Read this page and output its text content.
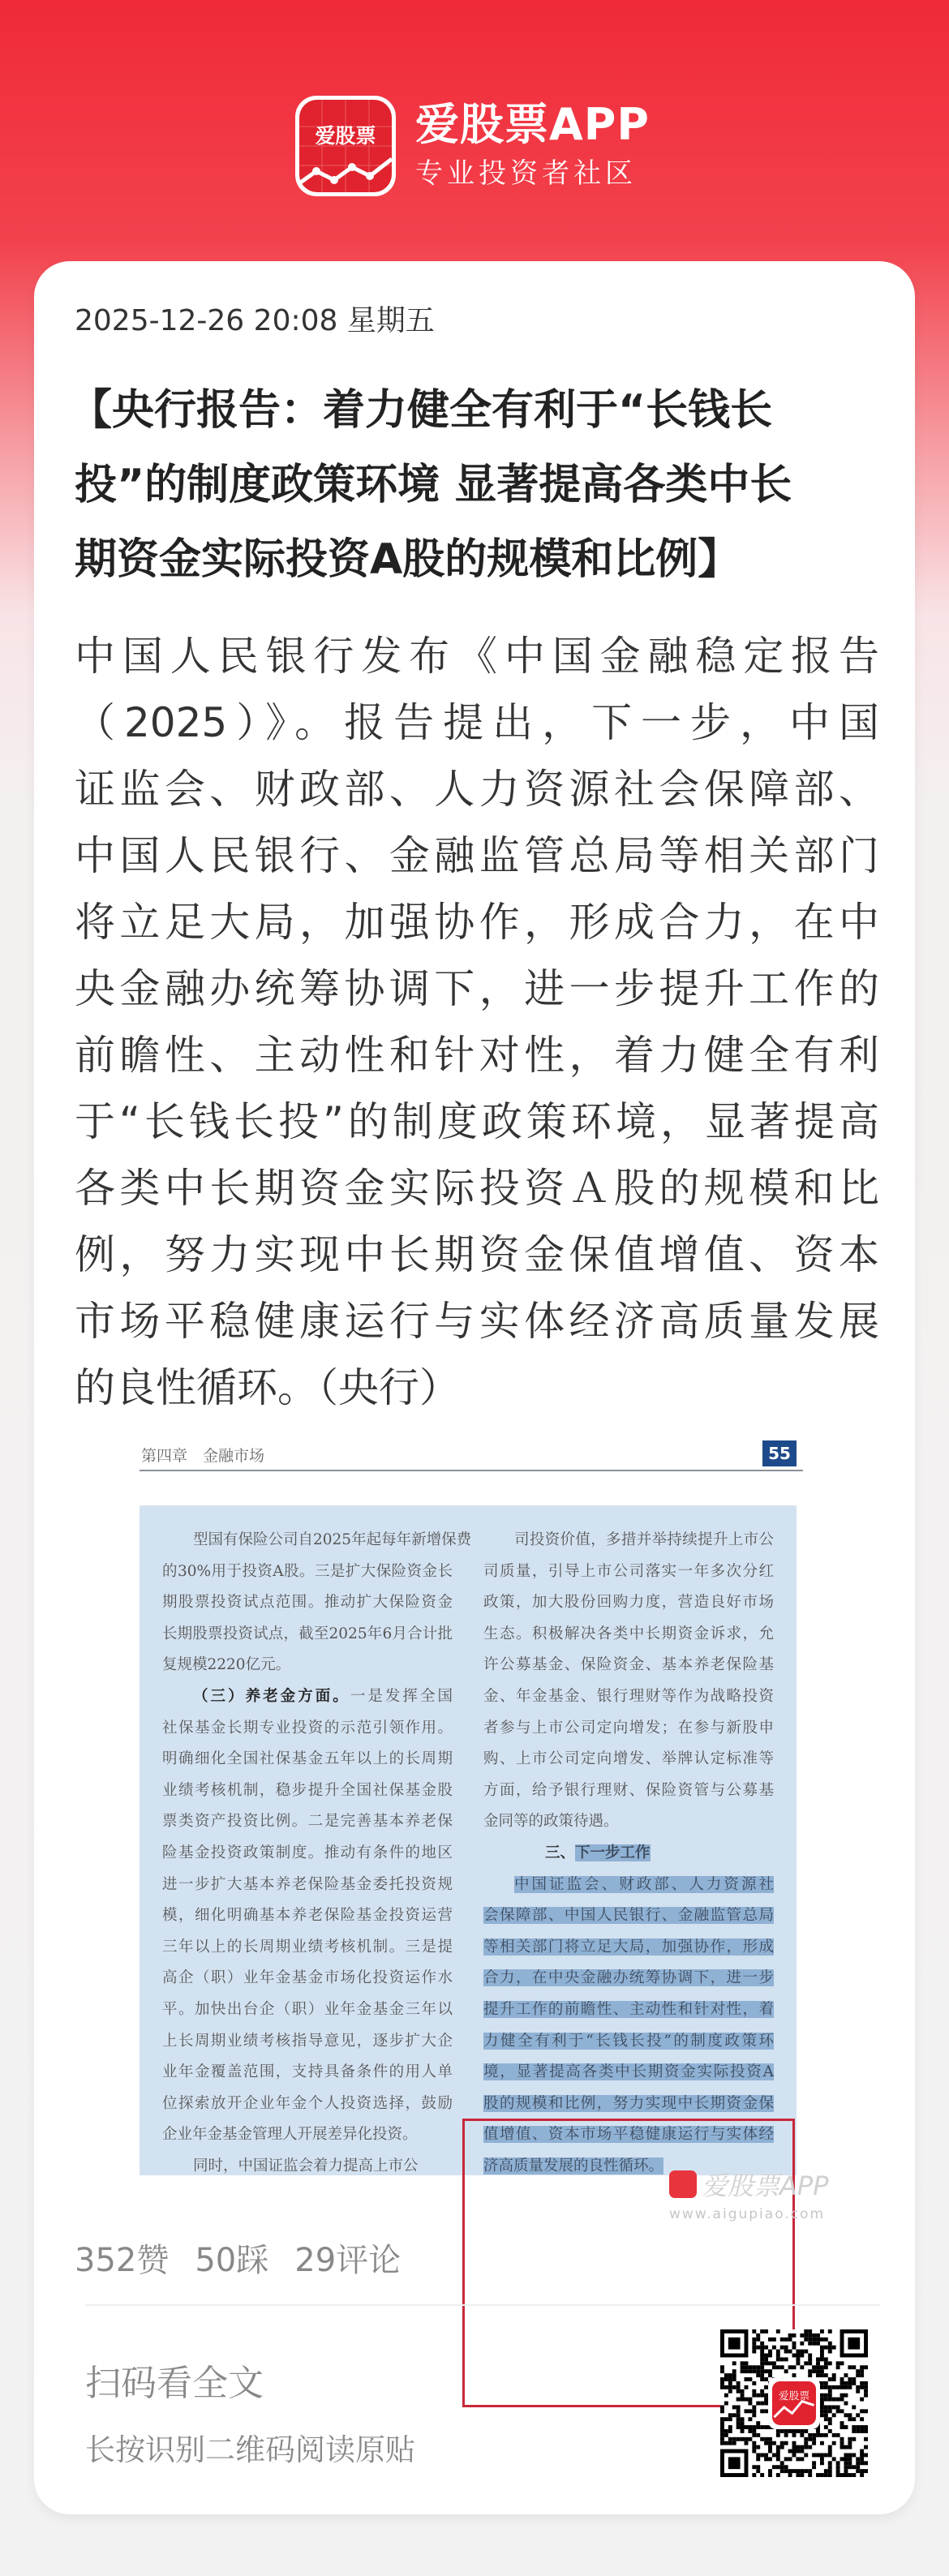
爱股票 爱股票APP
专业投资者社区
2025-12-26 20:08 星期五
【央行报告：着力健全有利于“长钱长
投”的制度政策环境 显著提高各类中长
期资金实际投资A股的规模和比例】
中国人民银行发布《中国金融稳定报告
（2025）》。报告提出，下一步，中国
证监会、财政部、人力资源社会保障部、
中国人民银行、金融监管总局等相关部门
将立足大局，加强协作，形成合力，在中
央金融办统筹协调下，进一步提升工作的
前瞻性、主动性和针对性，着力健全有利
于“长钱长投”的制度政策环境，显著提高
各类中长期资金实际投资Ａ股的规模和比
例，努力实现中长期资金保值增值、资本
市场平稳健康运行与实体经济高质量发展
的良性循环。（央行）
第四章　金融市场	55
型国有保险公司自2025年起每年新增保费
的30%用于投资A股。三是扩大保险资金长
期股票投资试点范围。推动扩大保险资金
长期股票投资试点，截至2025年6月合计批
复规模2220亿元。
（三）养老金方面。一是发挥全国
社保基金长期专业投资的示范引领作用。
明确细化全国社保基金五年以上的长周期
业绩考核机制，稳步提升全国社保基金股
票类资产投资比例。二是完善基本养老保
险基金投资政策制度。推动有条件的地区
进一步扩大基本养老保险基金委托投资规
模，细化明确基本养老保险基金投资运营
三年以上的长周期业绩考核机制。三是提
高企（职）业年金基金市场化投资运作水
平。加快出台企（职）业年金基金三年以
上长周期业绩考核指导意见，逐步扩大企
业年金覆盖范围，支持具备条件的用人单
位探索放开企业年金个人投资选择，鼓励
企业年金基金管理人开展差异化投资。
同时，中国证监会着力提高上市公
司投资价值，多措并举持续提升上市公
司质量，引导上市公司落实一年多次分红
政策，加大股份回购力度，营造良好市场
生态。积极解决各类中长期资金诉求，允
许公募基金、保险资金、基本养老保险基
金、年金基金、银行理财等作为战略投资
者参与上市公司定向增发；在参与新股申
购、上市公司定向增发、举牌认定标准等
方面，给予银行理财、保险资管与公募基
金同等的政策待遇。
三、下一步工作
中国证监会、财政部、人力资源社
会保障部、中国人民银行、金融监管总局
等相关部门将立足大局，加强协作，形成
合力，在中央金融办统筹协调下，进一步
提升工作的前瞻性、主动性和针对性，着
力健全有利于“长钱长投”的制度政策环
境，显著提高各类中长期资金实际投资A
股的规模和比例，努力实现中长期资金保
值增值、资本市场平稳健康运行与实体经
济高质量发展的良性循环。
352赞 50踩 29评论
扫码看全文
长按识别二维码阅读原贴
爱股票
爱股票APP
www.aigupiao.com
